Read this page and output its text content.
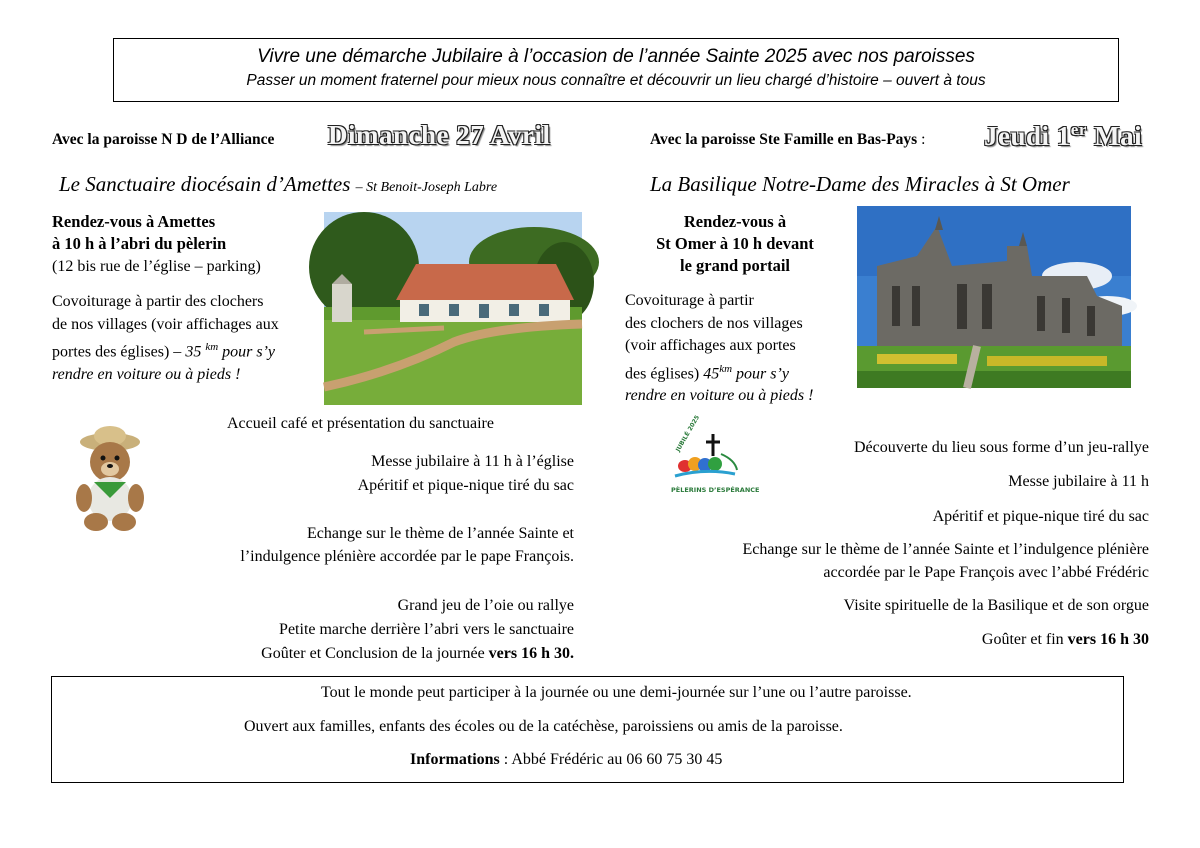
Vivre une démarche Jubilaire à l’occasion de l’année Sainte 2025 avec nos paroisses
Passer un moment fraternel pour mieux nous connaître et découvrir un lieu chargé d’histoire – ouvert à tous
Avec la paroisse N D de l’Alliance Dimanche 27 Avril
Le Sanctuaire diocésain d’Amettes – St Benoit-Joseph Labre
Rendez-vous à Amettes
à 10 h à l’abri du pèlerin
(12 bis rue de l’église – parking)
Covoiturage à partir des clochers
de nos villages (voir affichages aux
portes des églises) – 35 $^{km}$ pour s’y
rendre en voiture ou à pieds !
Accueil café et présentation du sanctuaire
Messe jubilaire à 11 h à l’église
Apéritif et pique-nique tiré du sac
Echange sur le thème de l’année Sainte et
l’indulgence plénière accordée par le pape François.
Grand jeu de l’oie ou rallye
Petite marche derrière l’abri vers le sanctuaire
Goûter et Conclusion de la journée vers 16 h 30.
Avec la paroisse Ste Famille en Bas-Pays : Jeudi 1er Mai
La Basilique Notre-Dame des Miracles à St Omer
Rendez-vous à
St Omer à 10 h devant
le grand portail
Covoiturage à partir
des clochers de nos villages
(voir affichages aux portes
des églises) $45^{km}$ pour s’y
rendre en voiture ou à pieds !
JUBILÉ 2025
PÈLERINS D’ESPÉRANCE
Découverte du lieu sous forme d’un jeu-rallye
Messe jubilaire à 11 h
Apéritif et pique-nique tiré du sac
Echange sur le thème de l’année Sainte et l’indulgence plénière
accordée par le Pape François avec l’abbé Frédéric
Visite spirituelle de la Basilique et de son orgue
Goûter et fin vers 16 h 30
Tout le monde peut participer à la journée ou une demi-journée sur l’une ou l’autre paroisse.
Ouvert aux familles, enfants des écoles ou de la catéchèse, paroissiens ou amis de la paroisse.
Informations : Abbé Frédéric au 06 60 75 30 45
